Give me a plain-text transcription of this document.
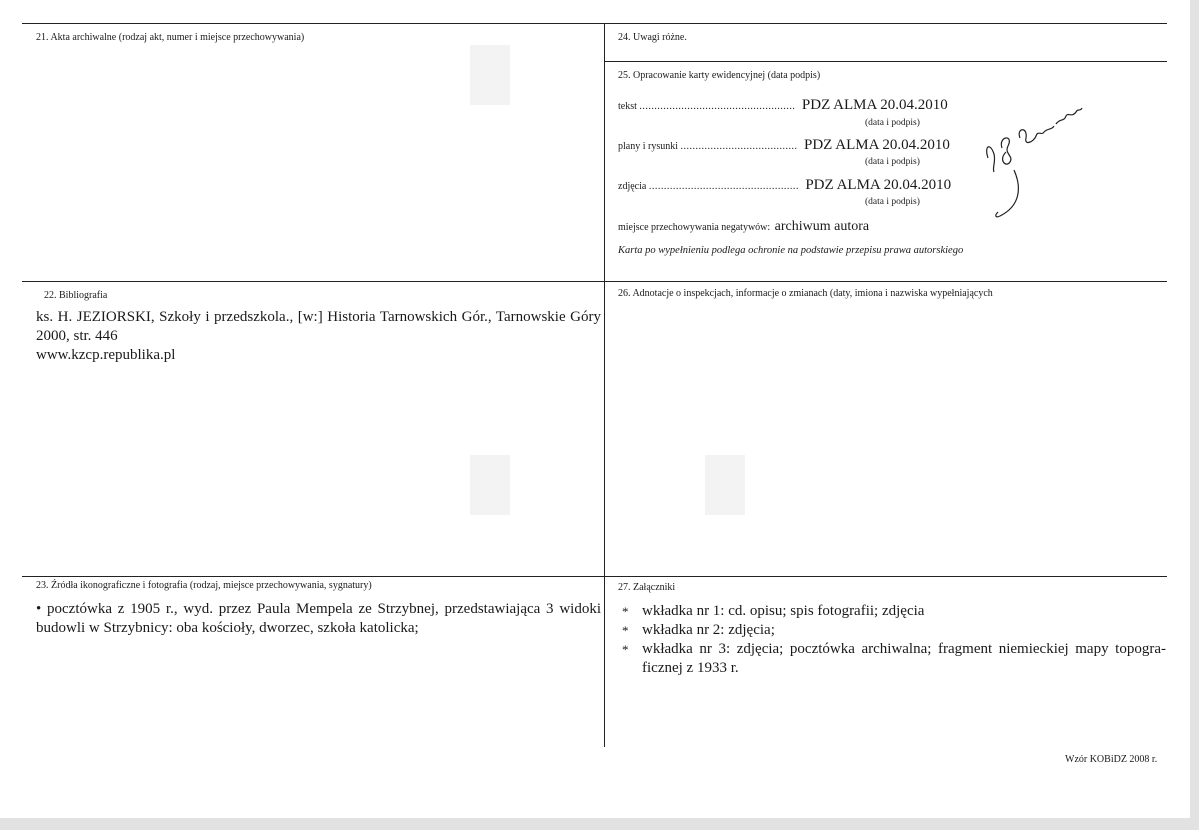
21. Akta archiwalne (rodzaj akt, numer i miejsce przechowywania)	24. Uwagi różne.
25. Opracowanie karty ewidencyjnej (data podpis)
tekst .................................................... PDZ ALMA 20.04.2010
(data i podpis)
plany i rysunki ....................................... PDZ ALMA 20.04.2010
(data i podpis)
zdjęcia .................................................. PDZ ALMA 20.04.2010
(data i podpis)
miejsce przechowywania negatywów: archiwum autora
Karta po wypełnieniu podlega ochronie na podstawie przepisu prawa autorskiego
22. Bibliografia
ks. H. JEZIORSKI, Szkoły i przedszkola., [w:] Historia Tarnowskich Gór., Tarnowskie Góry 2000, str. 446
www.kzcp.republika.pl
26. Adnotacje o inspekcjach, informacje o zmianach (daty, imiona i nazwiska wypełniających
23. Źródła ikonograficzne i fotografia (rodzaj, miejsce przechowywania, sygnatury)
• pocztówka z 1905 r., wyd. przez Paula Mempela ze Strzybnej, przedstawiająca 3 widoki budowli w Strzybnicy: oba kościoły, dworzec, szkoła katolicka;
27. Załączniki
* wkładka nr 1: cd. opisu; spis fotografii; zdjęcia
* wkładka nr 2: zdjęcia;
* wkładka nr 3: zdjęcia; pocztówka archiwalna; fragment niemieckiej mapy topograficznej z 1933 r.
Wzór KOBiDZ 2008 r.
